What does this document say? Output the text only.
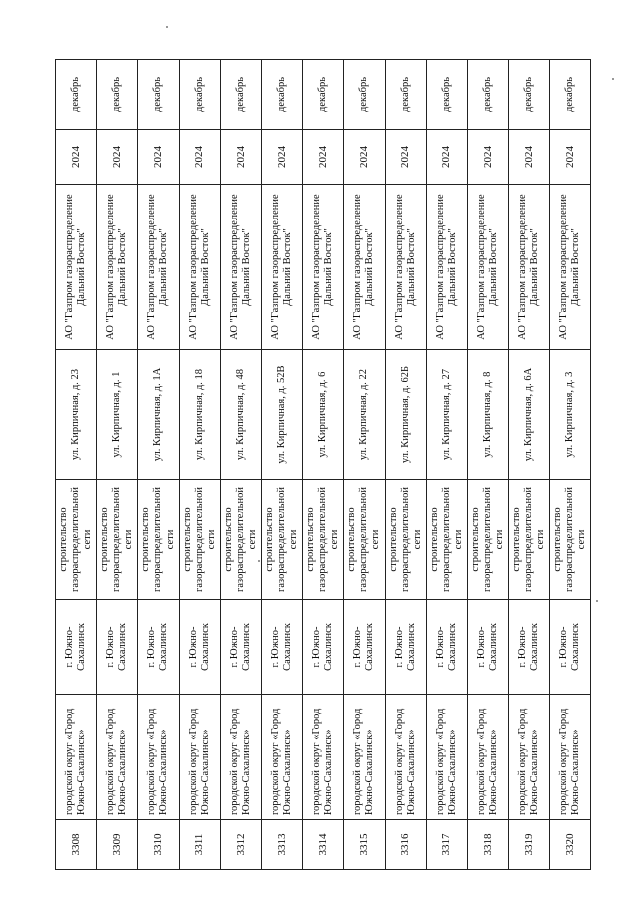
3308	городской округ «Город Южно-Сахалинск»	г. Южно-Сахалинск	строительство газораспределительной сети	ул. Кирпичная, д. 23	АО "Газпром газораспределение Дальний Восток"	2024	декабрь
3309	городской округ «Город Южно-Сахалинск»	г. Южно-Сахалинск	строительство газораспределительной сети	ул. Кирпичная, д. 1	АО "Газпром газораспределение Дальний Восток"	2024	декабрь
3310	городской округ «Город Южно-Сахалинск»	г. Южно-Сахалинск	строительство газораспределительной сети	ул. Кирпичная, д. 1А	АО "Газпром газораспределение Дальний Восток"	2024	декабрь
3311	городской округ «Город Южно-Сахалинск»	г. Южно-Сахалинск	строительство газораспределительной сети	ул. Кирпичная, д. 18	АО "Газпром газораспределение Дальний Восток"	2024	декабрь
3312	городской округ «Город Южно-Сахалинск»	г. Южно-Сахалинск	строительство газораспределительной сети	ул. Кирпичная, д. 48	АО "Газпром газораспределение Дальний Восток"	2024	декабрь
3313	городской округ «Город Южно-Сахалинск»	г. Южно-Сахалинск	строительство газораспределительной сети	ул. Кирпичная, д. 52В	АО "Газпром газораспределение Дальний Восток"	2024	декабрь
3314	городской округ «Город Южно-Сахалинск»	г. Южно-Сахалинск	строительство газораспределительной сети	ул. Кирпичная, д. 6	АО "Газпром газораспределение Дальний Восток"	2024	декабрь
3315	городской округ «Город Южно-Сахалинск»	г. Южно-Сахалинск	строительство газораспределительной сети	ул. Кирпичная, д. 22	АО "Газпром газораспределение Дальний Восток"	2024	декабрь
3316	городской округ «Город Южно-Сахалинск»	г. Южно-Сахалинск	строительство газораспределительной сети	ул. Кирпичная, д. 62Б	АО "Газпром газораспределение Дальний Восток"	2024	декабрь
3317	городской округ «Город Южно-Сахалинск»	г. Южно-Сахалинск	строительство газораспределительной сети	ул. Кирпичная, д. 27	АО "Газпром газораспределение Дальний Восток"	2024	декабрь
3318	городской округ «Город Южно-Сахалинск»	г. Южно-Сахалинск	строительство газораспределительной сети	ул. Кирпичная, д. 8	АО "Газпром газораспределение Дальний Восток"	2024	декабрь
3319	городской округ «Город Южно-Сахалинск»	г. Южно-Сахалинск	строительство газораспределительной сети	ул. Кирпичная, д. 6А	АО "Газпром газораспределение Дальний Восток"	2024	декабрь
3320	городской округ «Город Южно-Сахалинск»	г. Южно-Сахалинск	строительство газораспределительной сети	ул. Кирпичная, д. 3	АО "Газпром газораспределение Дальний Восток"	2024	декабрь
